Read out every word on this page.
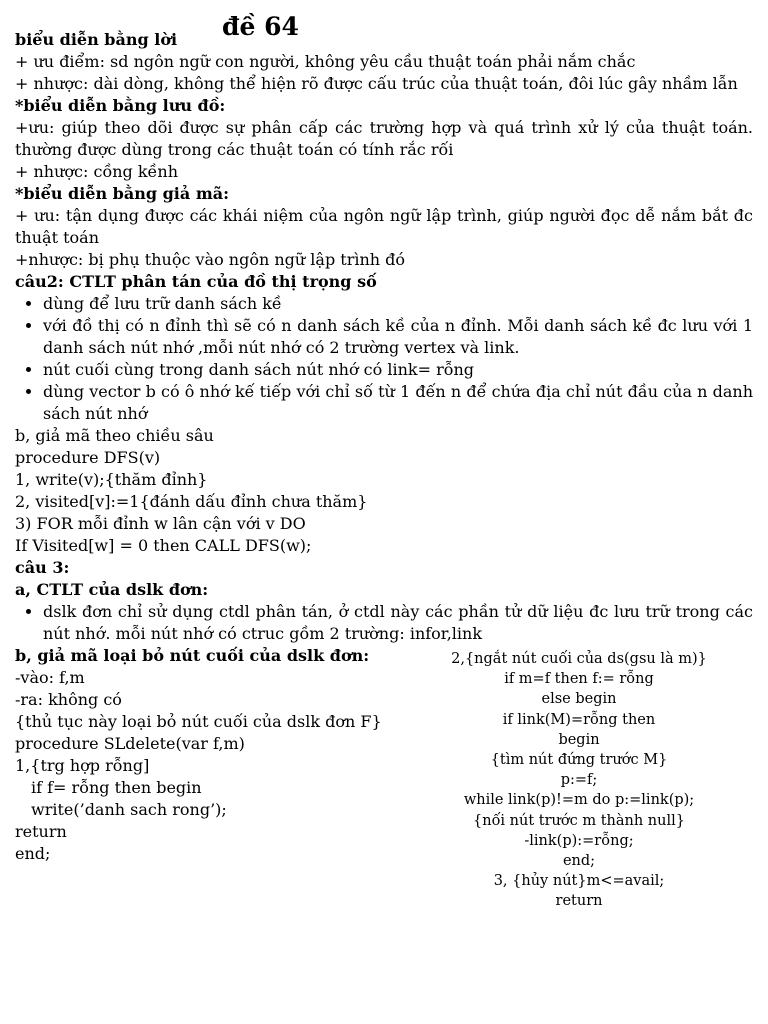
đề 64

biểu diễn bằng lời

+ ưu điểm: sd ngôn ngữ con người, không yêu cầu thuật toán phải nắm chắc

+ nhược: dài dòng, không thể hiện rõ được cấu trúc của thuật toán, đôi lúc gây nhầm lẫn

*biểu diễn bằng lưu đồ:

+ưu: giúp theo dõi được sự phân cấp các trường hợp và quá trình xử lý của thuật toán. thường được dùng trong các thuật toán có tính rắc rối

+ nhược: cồng kềnh

*biểu diễn bằng giả mã:

+ ưu: tận dụng được các khái niệm của ngôn ngữ lập trình, giúp người đọc dễ nắm bắt đc thuật toán

+nhược: bị phụ thuộc vào ngôn ngữ lập trình đó

câu2: CTLT phân tán của đồ thị trọng số

• dùng để lưu trữ danh sách kề
• với đồ thị có n đỉnh thì sẽ có n danh sách kề của n đỉnh. Mỗi danh sách kề đc lưu với 1 danh sách nút nhớ ,mỗi nút nhớ có 2 trường vertex và link.
• nút cuối cùng trong danh sách nút nhớ có link= rỗng
• dùng vector b có ô nhớ kế tiếp với chỉ số từ 1 đến n để chứa địa chỉ nút đầu của n danh sách nút nhớ

b, giả mã theo chiều sâu

procedure DFS(v)

1, write(v);{thăm đỉnh}

2, visited[v]:=1{đánh dấu đỉnh chưa thăm}

3) FOR mỗi đỉnh w lân cận với v DO

If Visited[w] = 0 then CALL DFS(w);

câu 3:

a, CTLT của dslk đơn:

• dslk đơn chỉ sử dụng ctdl phân tán, ở ctdl này các phần tử dữ liệu đc lưu trữ trong các nút nhớ. mỗi nút nhớ có ctruc gồm 2 trường: infor,link

b, giả mã loại bỏ nút cuối của dslk đơn:

-vào: f,m

-ra: không có

{thủ tục này loại bỏ nút cuối của dslk đơn F}

procedure SLdelete(var f,m)

1,{trg hợp rỗng]

if f= rỗng then begin

write(’danh sach rong’);

return

end;

2,{ngắt nút cuối của ds(gsu là m)}

if m=f then f:= rỗng

else begin

if link(M)=rỗng then

begin

{tìm nút đứng trước M}

p:=f;

while link(p)!=m do p:=link(p);

{nối nút trước m thành null}

-link(p):=rỗng;

end;

3, {hủy nút}m<=avail;

return
